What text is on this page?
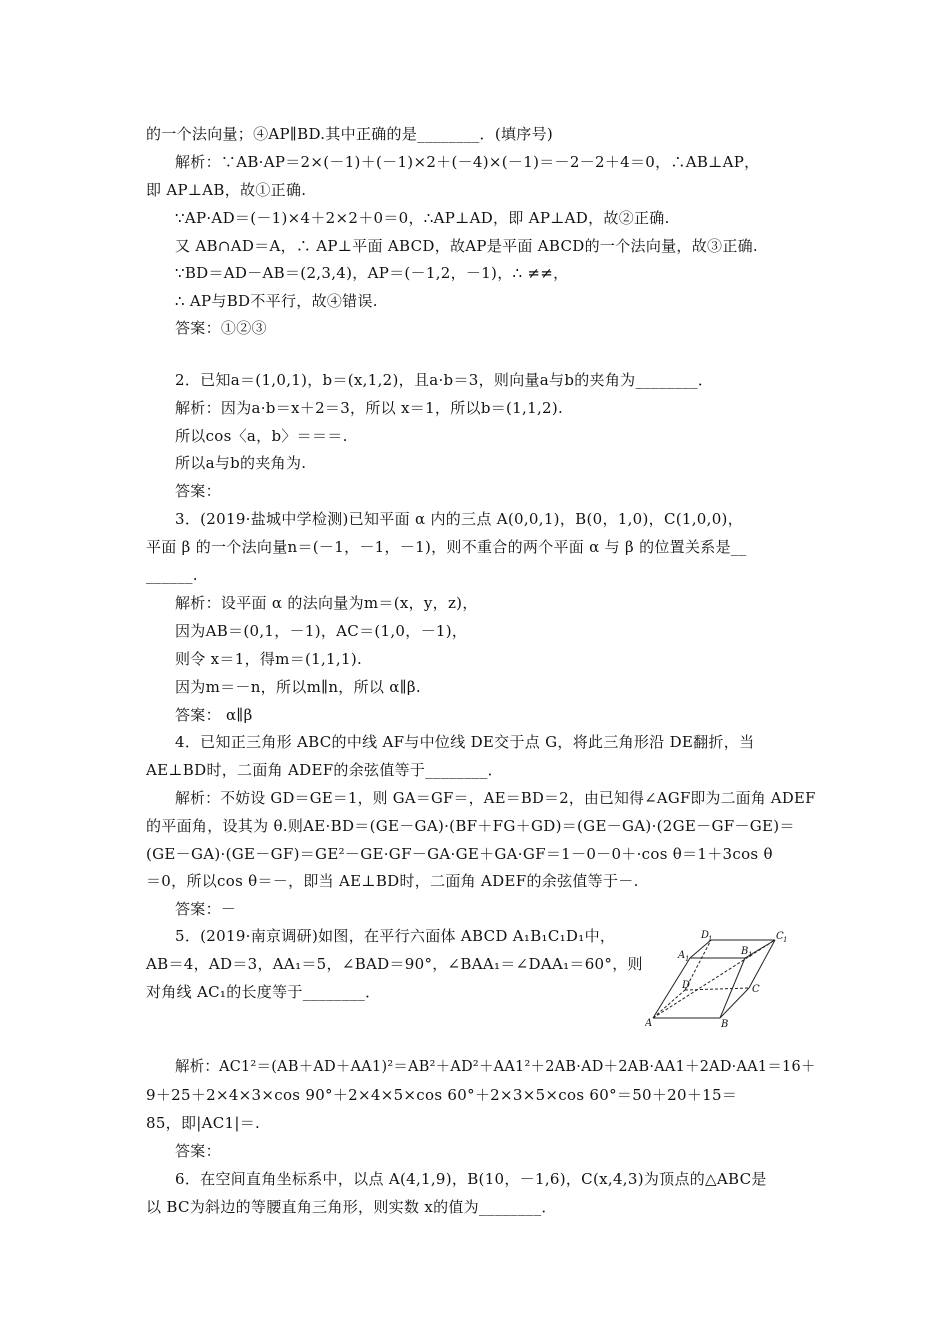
的一个法向量；④AP∥BD.其中正确的是________．(填序号)
解析：∵AB·AP＝2×(－1)＋(－1)×2＋(－4)×(－1)＝－2－2＋4＝0，∴AB⊥AP，
即 AP⊥AB，故①正确.
∵AP·AD＝(－1)×4＋2×2＋0＝0，∴AP⊥AD，即 AP⊥AD，故②正确.
又 AB∩AD＝A，∴ AP⊥平面 ABCD，故AP是平面 ABCD的一个法向量，故③正确.
∵BD＝AD－AB＝(2,3,4)，AP＝(－1,2，－1)，∴ ≠≠，
∴ AP与BD不平行，故④错误.
答案：①②③
2．已知a＝(1,0,1)，b＝(x,1,2)，且a·b＝3，则向量a与b的夹角为________．
解析：因为a·b＝x＋2＝3，所以 x＝1，所以b＝(1,1,2).
所以cos〈a，b〉＝＝＝.
所以a与b的夹角为.
答案：
3．(2019·盐城中学检测)已知平面 α 内的三点 A(0,0,1)，B(0，1,0)，C(1,0,0)，
平面 β 的一个法向量n＝(－1，－1，－1)，则不重合的两个平面 α 与 β 的位置关系是__
______.
解析：设平面 α 的法向量为m＝(x，y，z)，
因为AB＝(0,1，－1)，AC＝(1,0，－1)，
则令 x＝1，得m＝(1,1,1).
因为m＝－n，所以m∥n，所以 α∥β.
答案： α∥β
4．已知正三角形 ABC的中线 AF与中位线 DE交于点 G，将此三角形沿 DE翻折，当
AE⊥BD时，二面角 ADEF的余弦值等于________．
解析：不妨设 GD＝GE＝1，则 GA＝GF＝，AE＝BD＝2，由已知得∠AGF即为二面角 ADEF
的平面角，设其为 θ.则AE·BD＝(GE－GA)·(BF＋FG＋GD)＝(GE－GA)·(2GE－GF－GE)＝
(GE－GA)·(GE－GF)＝GE²－GE·GF－GA·GE＋GA·GF＝1－0－0＋·cos θ＝1＋3cos θ
＝0，所以cos θ＝－，即当 AE⊥BD时，二面角 ADEF的余弦值等于－.
答案：－
5．(2019·南京调研)如图，在平行六面体 ABCD A₁B₁C₁D₁中，
AB＝4，AD＝3，AA₁＝5，∠BAD＝90°，∠BAA₁＝∠DAA₁＝60°，则
对角线 AC₁的长度等于________．
A	B
C
D
A 1
B 1
C 1
D
1
解析：AC1²＝(AB＋AD＋AA1)²＝AB²＋AD²＋AA1²＋2AB·AD＋2AB·AA1＋2AD·AA1＝16＋
9＋25＋2×4×3×cos 90°＋2×4×5×cos 60°＋2×3×5×cos 60°＝50＋20＋15＝
85，即|AC1|＝.
答案：
6．在空间直角坐标系中，以点 A(4,1,9)，B(10，－1,6)，C(x,4,3)为顶点的△ABC是
以 BC为斜边的等腰直角三角形，则实数 x的值为________．
